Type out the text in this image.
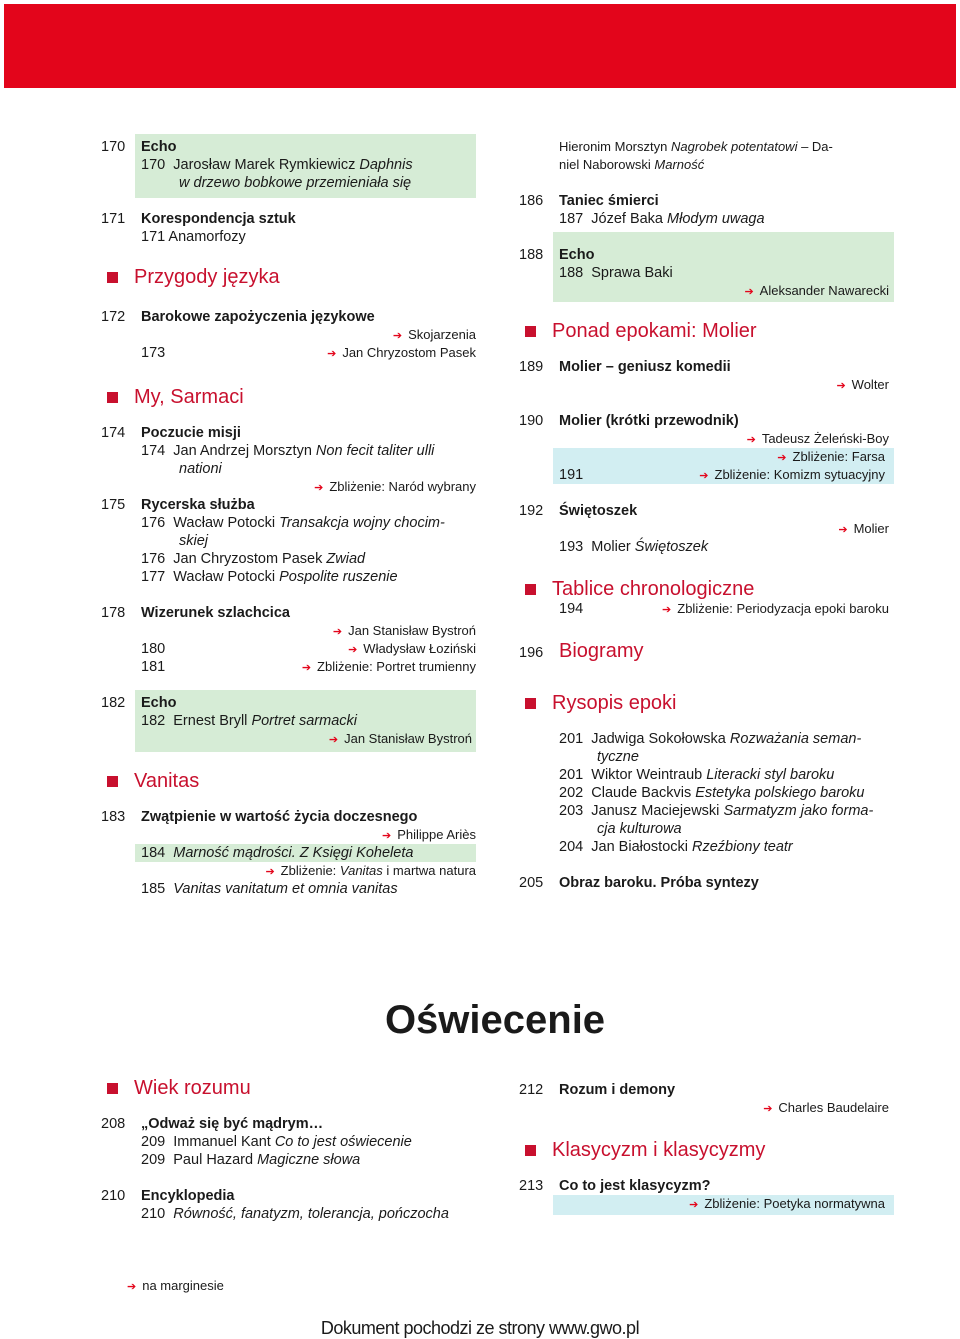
170	Echo
170 Jarosław Marek Rymkiewicz Daphnis
w drzewo bobkowe przemieniała się
171	Korespondencja sztuk
171 Anamorfozy
Przygody języka
172	Barokowe zapożyczenia językowe
➔ Skojarzenia
173	➔ Jan Chryzostom Pasek
My, Sarmaci
174	Poczucie misji
174 Jan Andrzej Morsztyn Non fecit taliter ulli
nationi
➔ Zbliżenie: Naród wybrany
175	Rycerska służba
176 Wacław Potocki Transakcja wojny chocim-
skiej
176 Jan Chryzostom Pasek Zwiad
177 Wacław Potocki Pospolite ruszenie
178	Wizerunek szlachcica
➔ Jan Stanisław Bystroń
180	➔ Władysław Łoziński
181	➔ Zbliżenie: Portret trumienny
182	Echo
182 Ernest Bryll Portret sarmacki
➔ Jan Stanisław Bystroń
Vanitas
183	Zwątpienie w wartość życia doczesnego
➔ Philippe Ariès
184 Marność mądrości. Z Księgi Koheleta
➔ Zbliżenie: Vanitas i martwa natura
185 Vanitas vanitatum et omnia vanitas
Hieronim Morsztyn Nagrobek potentatowi – Da-
niel Naborowski Marność
186	Taniec śmierci
187 Józef Baka Młodym uwaga
188	Echo
188 Sprawa Baki
➔ Aleksander Nawarecki
Ponad epokami: Molier
189	Molier – geniusz komedii
➔ Wolter
190	Molier (krótki przewodnik)
➔ Tadeusz Żeleński-Boy
➔ Zbliżenie: Farsa
191	➔ Zbliżenie: Komizm sytuacyjny
192	Świętoszek
➔ Molier
193 Molier Świętoszek
Tablice chronologiczne
194	➔ Zbliżenie: Periodyzacja epoki baroku
196 Biogramy
Rysopis epoki
201 Jadwiga Sokołowska Rozważania seman-
tyczne
201 Wiktor Weintraub Literacki styl baroku
202 Claude Backvis Estetyka polskiego baroku
203 Janusz Maciejewski Sarmatyzm jako forma-
cja kulturowa
204 Jan Białostocki Rzeźbiony teatr
205	Obraz baroku. Próba syntezy
Oświecenie
Wiek rozumu
208	„Odważ się być mądrym…
209 Immanuel Kant Co to jest oświecenie
209 Paul Hazard Magiczne słowa
210	Encyklopedia
210 Równość, fanatyzm, tolerancja, pończocha
212	Rozum i demony
➔ Charles Baudelaire
Klasycyzm i klasycyzmy
213	Co to jest klasycyzm?
➔ Zbliżenie: Poetyka normatywna
➔ na marginesie
Dokument pochodzi ze strony www.gwo.pl
